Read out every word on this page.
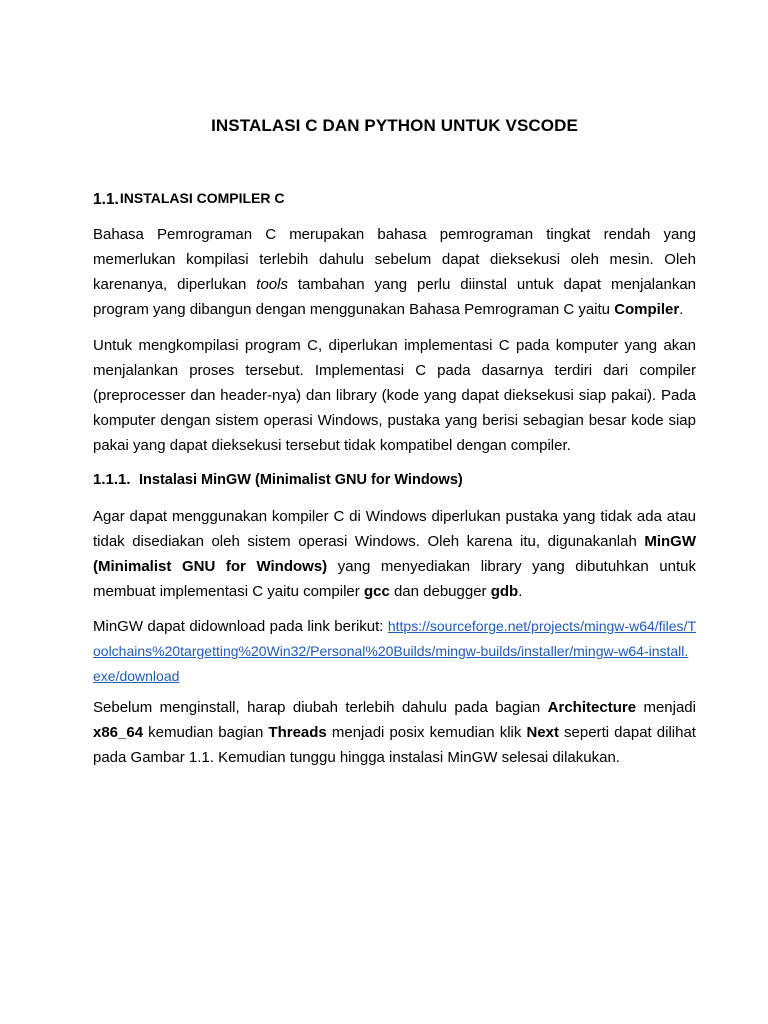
INSTALASI C DAN PYTHON UNTUK VSCODE
1.1.INSTALASI COMPILER C

Bahasa Pemrograman C merupakan bahasa pemrograman tingkat rendah yang memerlukan kompilasi terlebih dahulu sebelum dapat dieksekusi oleh mesin. Oleh karenanya, diperlukan tools tambahan yang perlu diinstal untuk dapat menjalankan program yang dibangun dengan menggunakan Bahasa Pemrograman C yaitu Compiler.

Untuk mengkompilasi program C, diperlukan implementasi C pada komputer yang akan menjalankan proses tersebut. Implementasi C pada dasarnya terdiri dari compiler (preprocesser dan header-nya) dan library (kode yang dapat dieksekusi siap pakai). Pada komputer dengan sistem operasi Windows, pustaka yang berisi sebagian besar kode siap pakai yang dapat dieksekusi tersebut tidak kompatibel dengan compiler.

1.1.1. Instalasi MinGW (Minimalist GNU for Windows)

Agar dapat menggunakan kompiler C di Windows diperlukan pustaka yang tidak ada atau tidak disediakan oleh sistem operasi Windows. Oleh karena itu, digunakanlah MinGW (Minimalist GNU for Windows) yang menyediakan library yang dibutuhkan untuk membuat implementasi C yaitu compiler gcc dan debugger gdb.

MinGW dapat didownload pada link berikut: https://sourceforge.net/projects/mingw-w64/files/Toolchains%20targetting%20Win32/Personal%20Builds/mingw-builds/installer/mingw-w64-install.exe/download

Sebelum menginstall, harap diubah terlebih dahulu pada bagian Architecture menjadi x86_64 kemudian bagian Threads menjadi posix kemudian klik Next seperti dapat dilihat pada Gambar 1.1. Kemudian tunggu hingga instalasi MinGW selesai dilakukan.
